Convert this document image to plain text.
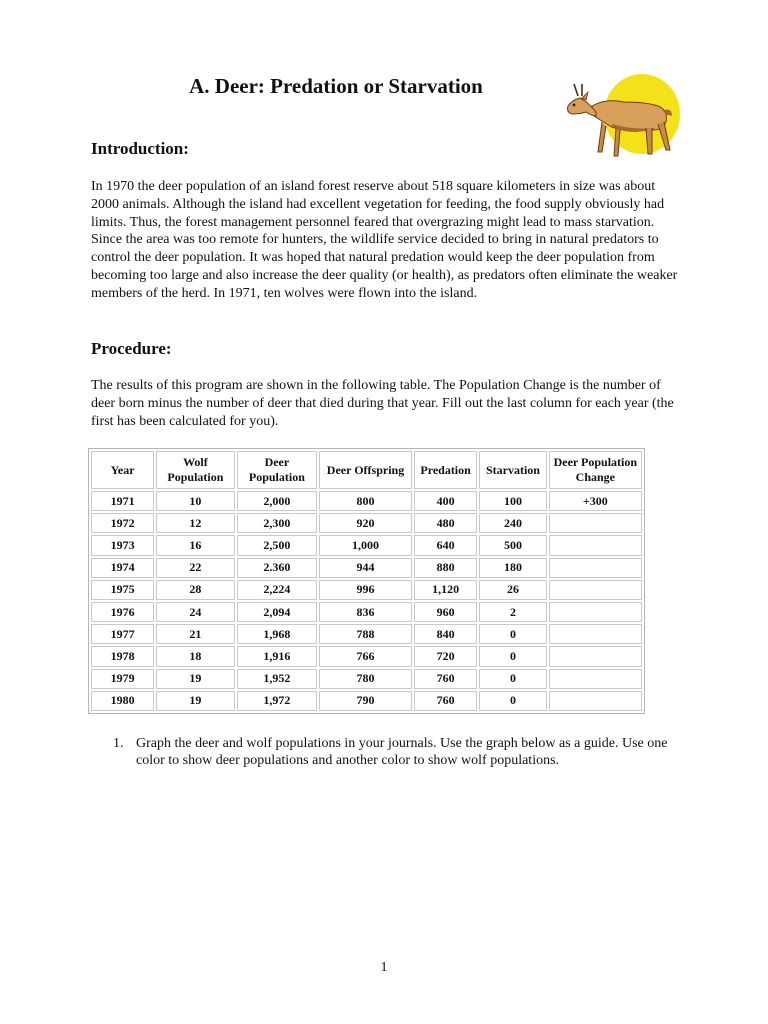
A. Deer: Predation or Starvation
Introduction:

In 1970 the deer population of an island forest reserve about 518 square kilometers in size was about 2000 animals. Although the island had excellent vegetation for feeding, the food supply obviously had limits. Thus, the forest management personnel feared that overgrazing might lead to mass starvation. Since the area was too remote for hunters, the wildlife service decided to bring in natural predators to control the deer population. It was hoped that natural predation would keep the deer population from becoming too large and also increase the deer quality (or health), as predators often eliminate the weaker members of the herd. In 1971, ten wolves were flown into the island.

Procedure:

The results of this program are shown in the following table. The Population Change is the number of deer born minus the number of deer that died during that year. Fill out the last column for each year (the first has been calculated for you).

Year	Wolf Population	Deer Population	Deer Offspring	Predation	Starvation	Deer Population Change
1971	10	2,000	800	400	100	+300
1972	12	2,300	920	480	240	
1973	16	2,500	1,000	640	500	
1974	22	2.360	944	880	180	
1975	28	2,224	996	1,120	26	
1976	24	2,094	836	960	2	
1977	21	1,968	788	840	0	
1978	18	1,916	766	720	0	
1979	19	1,952	780	760	0	
1980	19	1,972	790	760	0	
1. Graph the deer and wolf populations in your journals. Use the graph below as a guide. Use one color to show deer populations and another color to show wolf populations.
1
